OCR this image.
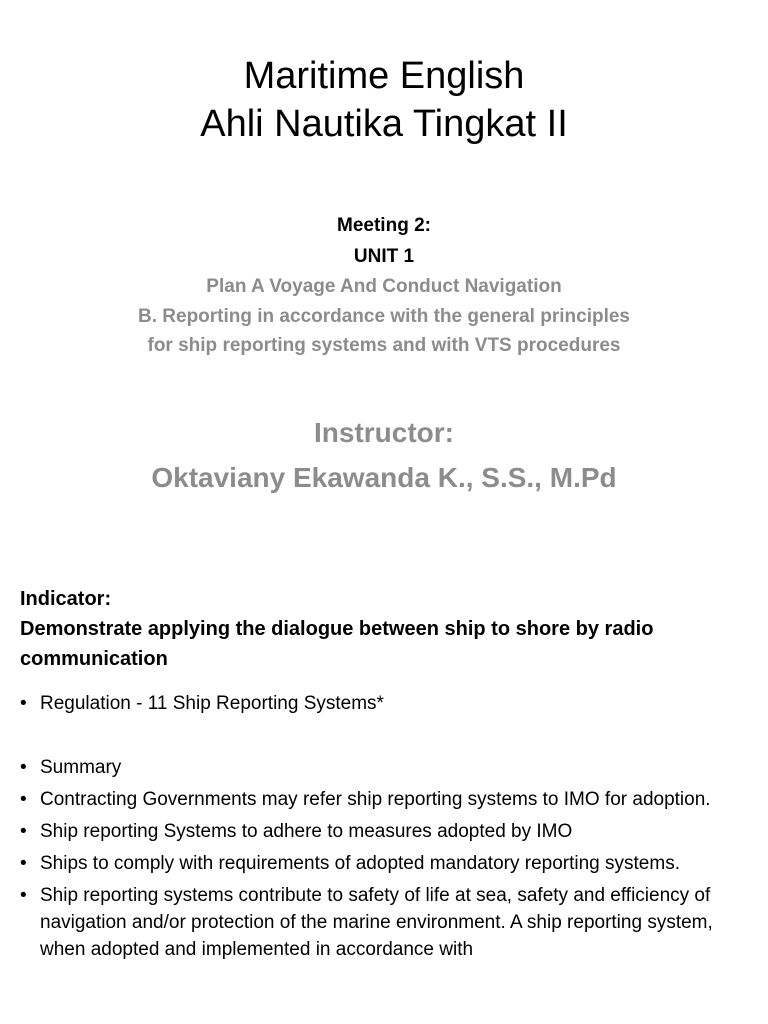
Maritime English
Ahli Nautika Tingkat II
Meeting 2:
UNIT 1
Plan A Voyage And Conduct Navigation
B. Reporting in accordance with the general principles
for ship reporting systems and with VTS procedures
Instructor:
Oktaviany Ekawanda K., S.S., M.Pd
Indicator:
Demonstrate applying the dialogue between ship to shore by radio
communication
• Regulation - 11 Ship Reporting Systems*
• Summary
• Contracting Governments may refer ship reporting systems to IMO for adoption.
• Ship reporting Systems to adhere to measures adopted by IMO
• Ships to comply with requirements of adopted mandatory reporting systems.
• Ship reporting systems contribute to safety of life at sea, safety and efficiency of navigation and/or protection of the marine environment. A ship reporting system, when adopted and implemented in accordance with
